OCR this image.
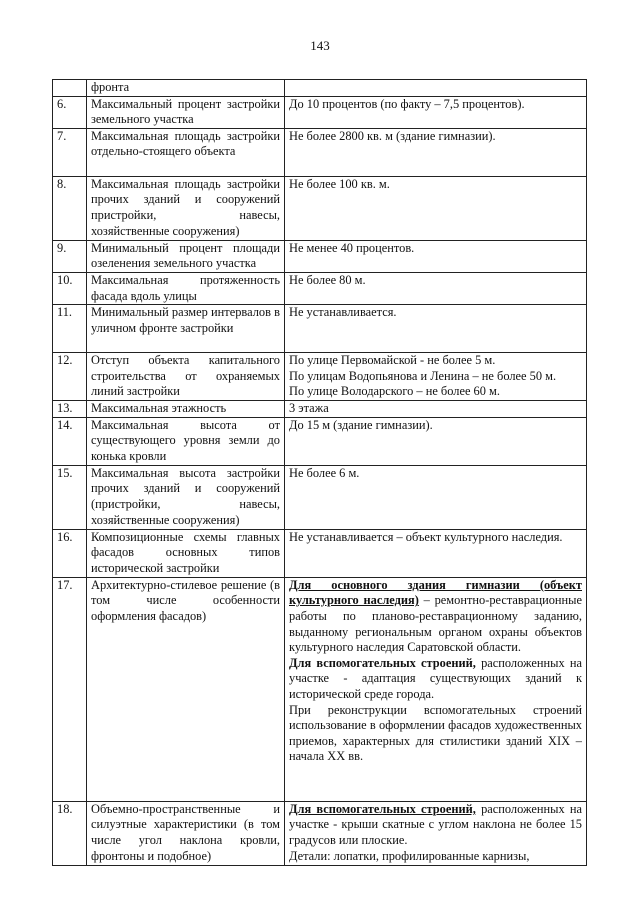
143
	фронта	
6.	Максимальный процент застройки земельного участка	До 10 процентов (по факту – 7,5 процентов).
7.	Максимальная площадь застройки отдельно-стоящего объекта	Не более 2800 кв. м (здание гимназии).
8.	Максимальная площадь застройки прочих зданий и сооружений пристройки, навесы, хозяйственные сооружения)	Не более 100 кв. м.
9.	Минимальный процент площади озеленения земельного участка	Не менее 40 процентов.
10.	Максимальная протяженность фасада вдоль улицы	Не более 80 м.
11.	Минимальный размер интервалов в уличном фронте застройки	Не устанавливается.
12.	Отступ объекта капитального строительства от охраняемых линий застройки	По улице Первомайской - не более 5 м.
По улицам Водопьянова и Ленина – не более 50 м.
По улице Володарского – не более 60 м.

13.	Максимальная этажность	3 этажа
14.	Максимальная высота от существующего уровня земли до конька кровли	До 15 м (здание гимназии).
15.	Максимальная высота застройки прочих зданий и сооружений (пристройки, навесы, хозяйственные сооружения)	Не более 6 м.
16.	Композиционные схемы главных фасадов основных типов исторической застройки	Не устанавливается – объект культурного наследия.
17.	Архитектурно-стилевое решение (в том числе особенности оформления фасадов)	Для основного здания гимназии (объект культурного наследия) – ремонтно-реставрационные работы по планово-реставрационному заданию, выданному региональным органом охраны объектов культурного наследия Саратовской области.
Для вспомогательных строений, расположенных на участке - адаптация существующих зданий к исторической среде города.
При реконструкции вспомогательных строений использование в оформлении фасадов художественных приемов, характерных для стилистики зданий XIX – начала XX вв.

18.	Объемно-пространственные и силуэтные характеристики (в том числе угол наклона кровли, фронтоны и подобное)	Для вспомогательных строений, расположенных на участке - крыши скатные с углом наклона не более 15 градусов или плоские.
Детали: лопатки, профилированные карнизы,
